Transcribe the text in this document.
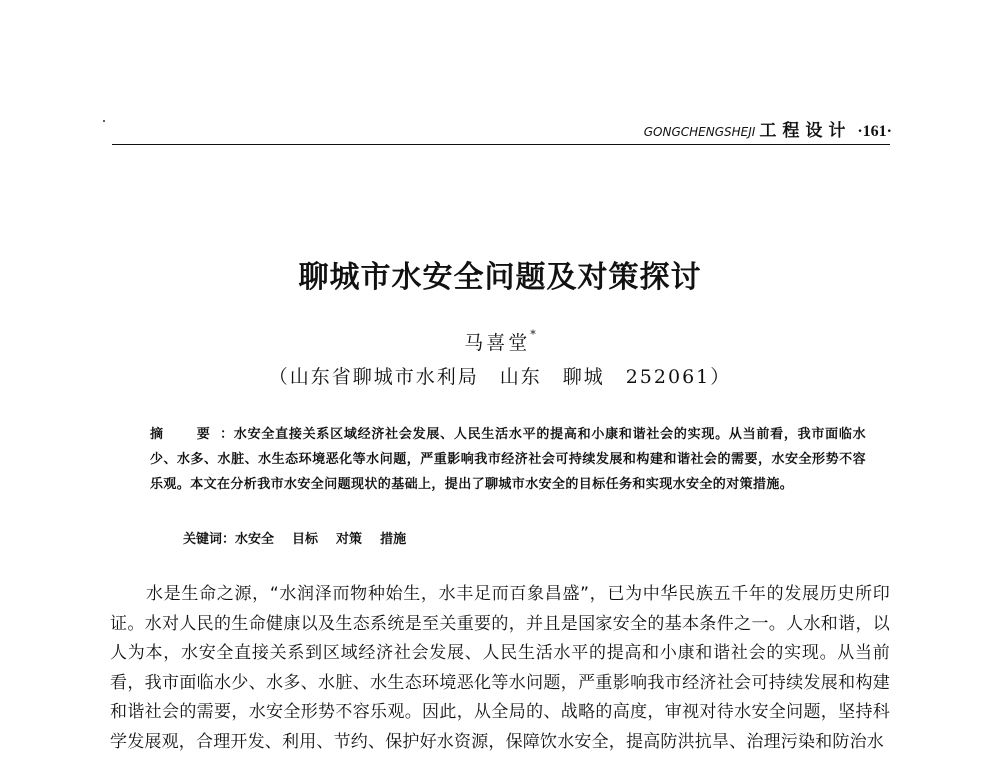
GONGCHENGSHEJI 工程设计 ·161·
聊城市水安全问题及对策探讨
马喜堂*
（山东省聊城市水利局　山东　聊城　252061）
摘　要：水安全直接关系区域经济社会发展、人民生活水平的提高和小康和谐社会的实现。从当前看，我市面临水少、水多、水脏、水生态环境恶化等水问题，严重影响我市经济社会可持续发展和构建和谐社会的需要，水安全形势不容乐观。本文在分析我市水安全问题现状的基础上，提出了聊城市水安全的目标任务和实现水安全的对策措施。
关键词：水安全 目标 对策 措施

水是生命之源，“水润泽而物种始生，水丰足而百象昌盛”，已为中华民族五千年的发展历史所印证。水对人民的生命健康以及生态系统是至关重要的，并且是国家安全的基本条件之一。人水和谐，以人为本，水安全直接关系到区域经济社会发展、人民生活水平的提高和小康和谐社会的实现。从当前看，我市面临水少、水多、水脏、水生态环境恶化等水问题，严重影响我市经济社会可持续发展和构建和谐社会的需要，水安全形势不容乐观。因此，从全局的、战略的高度，审视对待水安全问题，坚持科学发展观，合理开发、利用、节约、保护好水资源，保障饮水安全，提高防洪抗旱、治理污染和防治水
